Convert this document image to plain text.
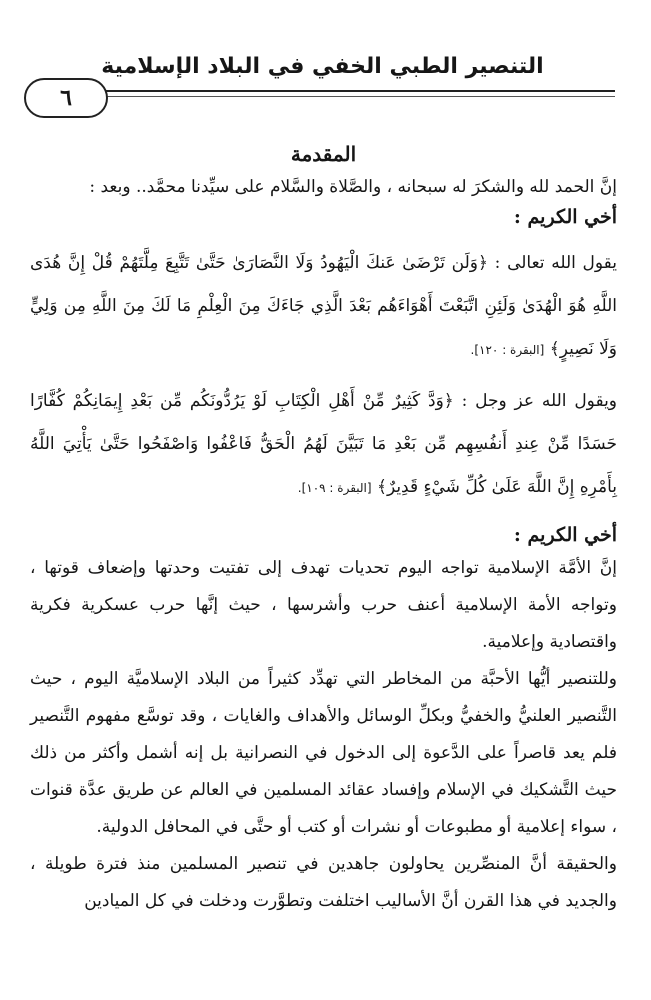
التنصير الطبي الخفي في البلاد الإسلامية
٦
المقدمة

إنَّ الحمد لله والشكرَ له سبحانه ، والصَّلاة والسَّلام على سيِّدنا محمَّد.. وبعد :

أخي الكريم :

يقول الله تعالى : ﴿وَلَن تَرْضَىٰ عَنكَ الْيَهُودُ وَلَا النَّصَارَىٰ حَتَّىٰ تَتَّبِعَ مِلَّتَهُمْ قُلْ إِنَّ هُدَى اللَّهِ هُوَ الْهُدَىٰ وَلَئِنِ اتَّبَعْتَ أَهْوَاءَهُم بَعْدَ الَّذِي جَاءَكَ مِنَ الْعِلْمِ مَا لَكَ مِنَ اللَّهِ مِن وَلِيٍّ وَلَا نَصِيرٍ﴾ [البقرة : ١٢٠].

ويقول الله عز وجل : ﴿وَدَّ كَثِيرٌ مِّنْ أَهْلِ الْكِتَابِ لَوْ يَرُدُّونَكُم مِّن بَعْدِ إِيمَانِكُمْ كُفَّارًا حَسَدًا مِّنْ عِندِ أَنفُسِهِم مِّن بَعْدِ مَا تَبَيَّنَ لَهُمُ الْحَقُّ فَاعْفُوا وَاصْفَحُوا حَتَّىٰ يَأْتِيَ اللَّهُ بِأَمْرِهِ إِنَّ اللَّهَ عَلَىٰ كُلِّ شَيْءٍ قَدِيرٌ﴾ [البقرة : ١٠٩].

أخي الكريم :

إنَّ الأمَّة الإسلامية تواجه اليوم تحديات تهدف إلى تفتيت وحدتها وإضعاف قوتها ، وتواجه الأمة الإسلامية أعنف حرب وأشرسها ، حيث إنَّها حرب عسكرية فكرية واقتصادية وإعلامية.

وللتنصير أيُّها الأحبَّة من المخاطر التي تهدِّد كثيراً من البلاد الإسلاميَّة اليوم ، حيث التَّنصير العلنيُّ والخفيُّ وبكلِّ الوسائل والأهداف والغايات ، وقد توسَّع مفهوم التَّنصير فلم يعد قاصراً على الدَّعوة إلى الدخول في النصرانية بل إنه أشمل وأكثر من ذلك حيث التَّشكيك في الإسلام وإفساد عقائد المسلمين في العالم عن طريق عدَّة قنوات ، سواء إعلامية أو مطبوعات أو نشرات أو كتب أو حتَّى في المحافل الدولية.

والحقيقة أنَّ المنصِّرين يحاولون جاهدين في تنصير المسلمين منذ فترة طويلة ، والجديد في هذا القرن أنَّ الأساليب اختلفت وتطوَّرت ودخلت في كل الميادين
